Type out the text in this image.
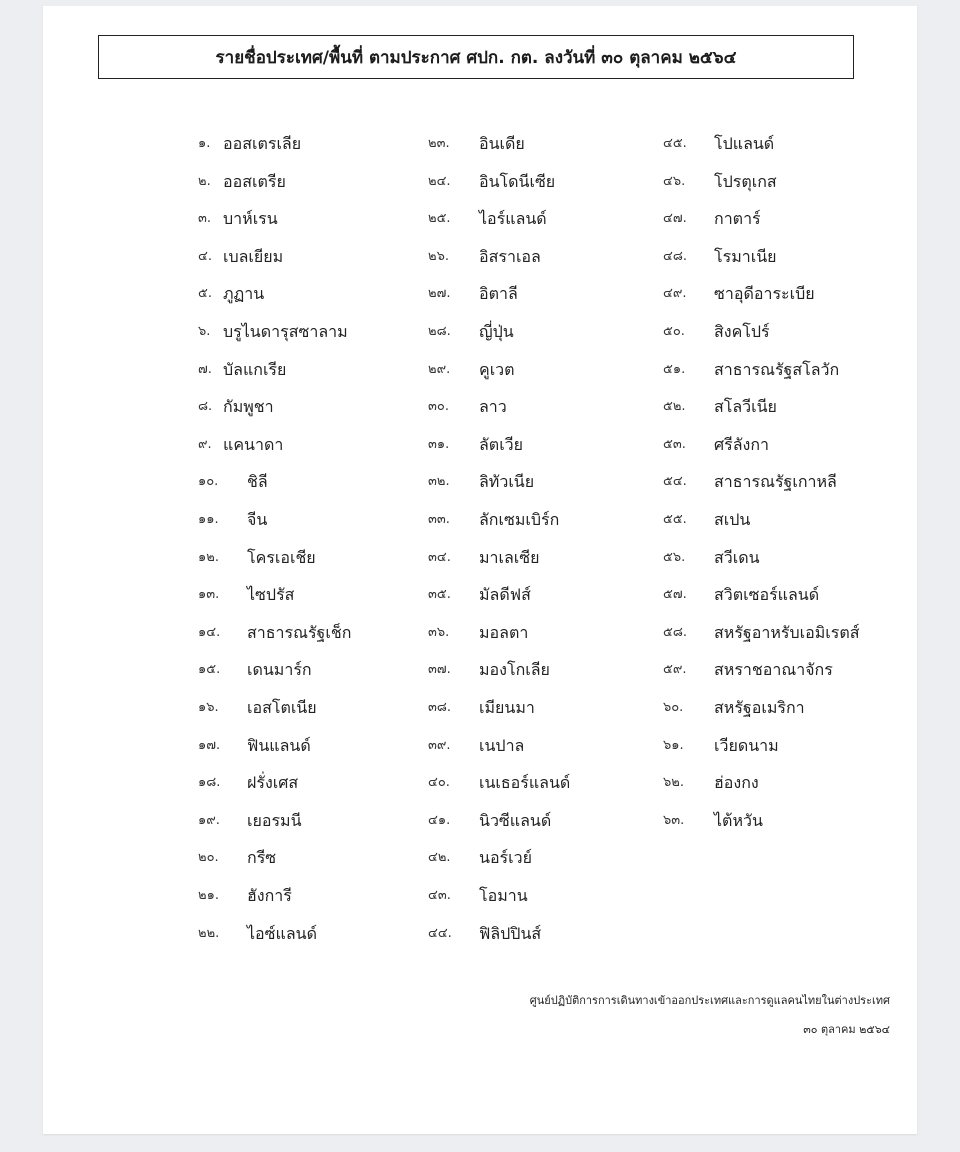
รายชื่อประเทศ/พื้นที่ ตามประกาศ ศปก. กต. ลงวันที่ ๓๐ ตุลาคม ๒๕๖๔
๑. ออสเตรเลีย
๒. ออสเตรีย
๓. บาห์เรน
๔. เบลเยียม
๕. ภูฏาน
๖. บรูไนดารุสซาลาม
๗. บัลแกเรีย
๘. กัมพูชา
๙. แคนาดา
๑๐. ชิลี
๑๑. จีน
๑๒. โครเอเชีย
๑๓. ไซปรัส
๑๔. สาธารณรัฐเช็ก
๑๕. เดนมาร์ก
๑๖. เอสโตเนีย
๑๗. ฟินแลนด์
๑๘. ฝรั่งเศส
๑๙. เยอรมนี
๒๐. กรีซ
๒๑. ฮังการี
๒๒. ไอซ์แลนด์
๒๓. อินเดีย
๒๔. อินโดนีเซีย
๒๕. ไอร์แลนด์
๒๖. อิสราเอล
๒๗. อิตาลี
๒๘. ญี่ปุ่น
๒๙. คูเวต
๓๐. ลาว
๓๑. ลัตเวีย
๓๒. ลิทัวเนีย
๓๓. ลักเซมเบิร์ก
๓๔. มาเลเซีย
๓๕. มัลดีฟส์
๓๖. มอลตา
๓๗. มองโกเลีย
๓๘. เมียนมา
๓๙. เนปาล
๔๐. เนเธอร์แลนด์
๔๑. นิวซีแลนด์
๔๒. นอร์เวย์
๔๓. โอมาน
๔๔. ฟิลิปปินส์
๔๕. โปแลนด์
๔๖. โปรตุเกส
๔๗. กาตาร์
๔๘. โรมาเนีย
๔๙. ซาอุดีอาระเบีย
๕๐. สิงคโปร์
๕๑. สาธารณรัฐสโลวัก
๕๒. สโลวีเนีย
๕๓. ศรีลังกา
๕๔. สาธารณรัฐเกาหลี
๕๕. สเปน
๕๖. สวีเดน
๕๗. สวิตเซอร์แลนด์
๕๘. สหรัฐอาหรับเอมิเรตส์
๕๙. สหราชอาณาจักร
๖๐. สหรัฐอเมริกา
๖๑. เวียดนาม
๖๒. ฮ่องกง
๖๓. ไต้หวัน
ศูนย์ปฏิบัติการการเดินทางเข้าออกประเทศและการดูแลคนไทยในต่างประเทศ
๓๐ ตุลาคม ๒๕๖๔
